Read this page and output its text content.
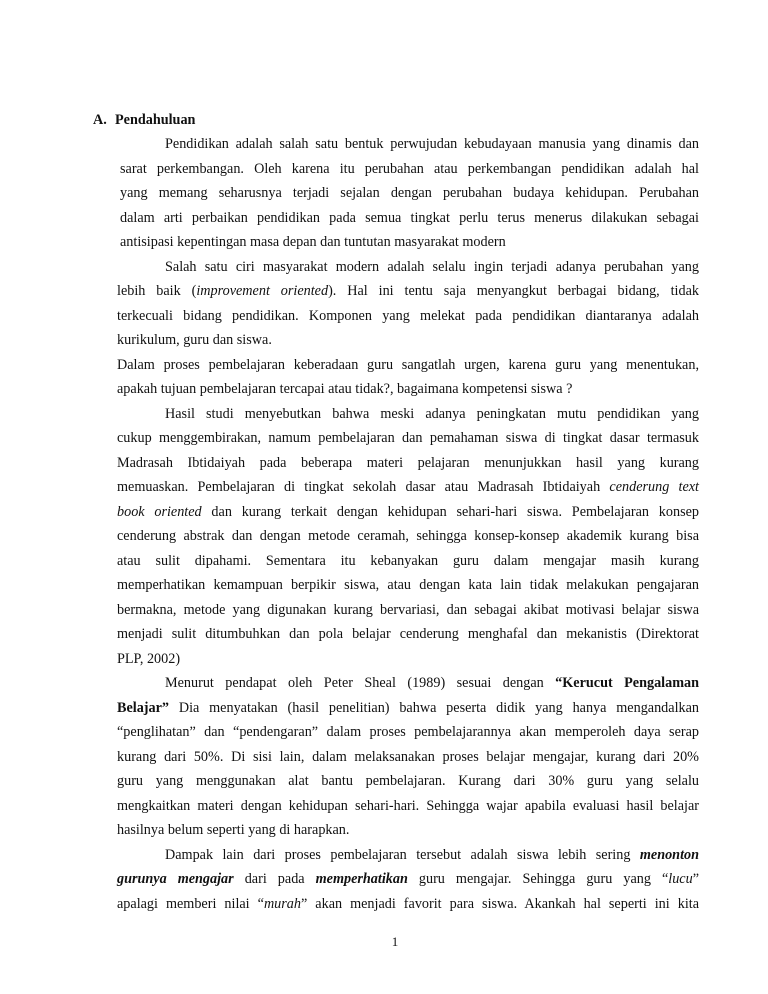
A. Pendahuluan
Pendidikan adalah salah satu bentuk perwujudan kebudayaan manusia yang dinamis dan
sarat perkembangan. Oleh karena itu perubahan atau perkembangan pendidikan adalah hal
yang memang seharusnya terjadi sejalan dengan perubahan budaya kehidupan. Perubahan
dalam arti perbaikan pendidikan pada semua tingkat perlu terus menerus dilakukan sebagai
antisipasi kepentingan masa depan dan tuntutan masyarakat modern
Salah satu ciri masyarakat modern adalah selalu ingin terjadi adanya perubahan yang
lebih baik (improvement oriented). Hal ini tentu saja menyangkut berbagai bidang, tidak
terkecuali bidang pendidikan. Komponen yang melekat pada pendidikan diantaranya adalah
kurikulum, guru dan siswa.
Dalam proses pembelajaran keberadaan guru sangatlah urgen, karena guru yang menentukan,
apakah tujuan pembelajaran tercapai atau tidak?, bagaimana kompetensi siswa ?
Hasil studi menyebutkan bahwa meski adanya peningkatan mutu pendidikan yang
cukup menggembirakan, namum pembelajaran dan pemahaman siswa di tingkat dasar termasuk
Madrasah Ibtidaiyah pada beberapa materi pelajaran menunjukkan hasil yang kurang
memuaskan. Pembelajaran di tingkat sekolah dasar atau Madrasah Ibtidaiyah cenderung text
book oriented dan kurang terkait dengan kehidupan sehari-hari siswa. Pembelajaran konsep
cenderung abstrak dan dengan metode ceramah, sehingga konsep-konsep akademik kurang bisa
atau sulit dipahami. Sementara itu kebanyakan guru dalam mengajar masih kurang
memperhatikan kemampuan berpikir siswa, atau dengan kata lain tidak melakukan pengajaran
bermakna, metode yang digunakan kurang bervariasi, dan sebagai akibat motivasi belajar siswa
menjadi sulit ditumbuhkan dan pola belajar cenderung menghafal dan mekanistis (Direktorat
PLP, 2002)
Menurut pendapat oleh Peter Sheal (1989) sesuai dengan “Kerucut Pengalaman
Belajar” Dia menyatakan (hasil penelitian) bahwa peserta didik yang hanya mengandalkan
“penglihatan” dan “pendengaran” dalam proses pembelajarannya akan memperoleh daya serap
kurang dari 50%. Di sisi lain, dalam melaksanakan proses belajar mengajar, kurang dari 20%
guru yang menggunakan alat bantu pembelajaran. Kurang dari 30% guru yang selalu
mengkaitkan materi dengan kehidupan sehari-hari. Sehingga wajar apabila evaluasi hasil belajar
hasilnya belum seperti yang di harapkan.
Dampak lain dari proses pembelajaran tersebut adalah siswa lebih sering menonton
gurunya mengajar dari pada memperhatikan guru mengajar. Sehingga guru yang “lucu”
apalagi memberi nilai “murah” akan menjadi favorit para siswa. Akankah hal seperti ini kita
1
